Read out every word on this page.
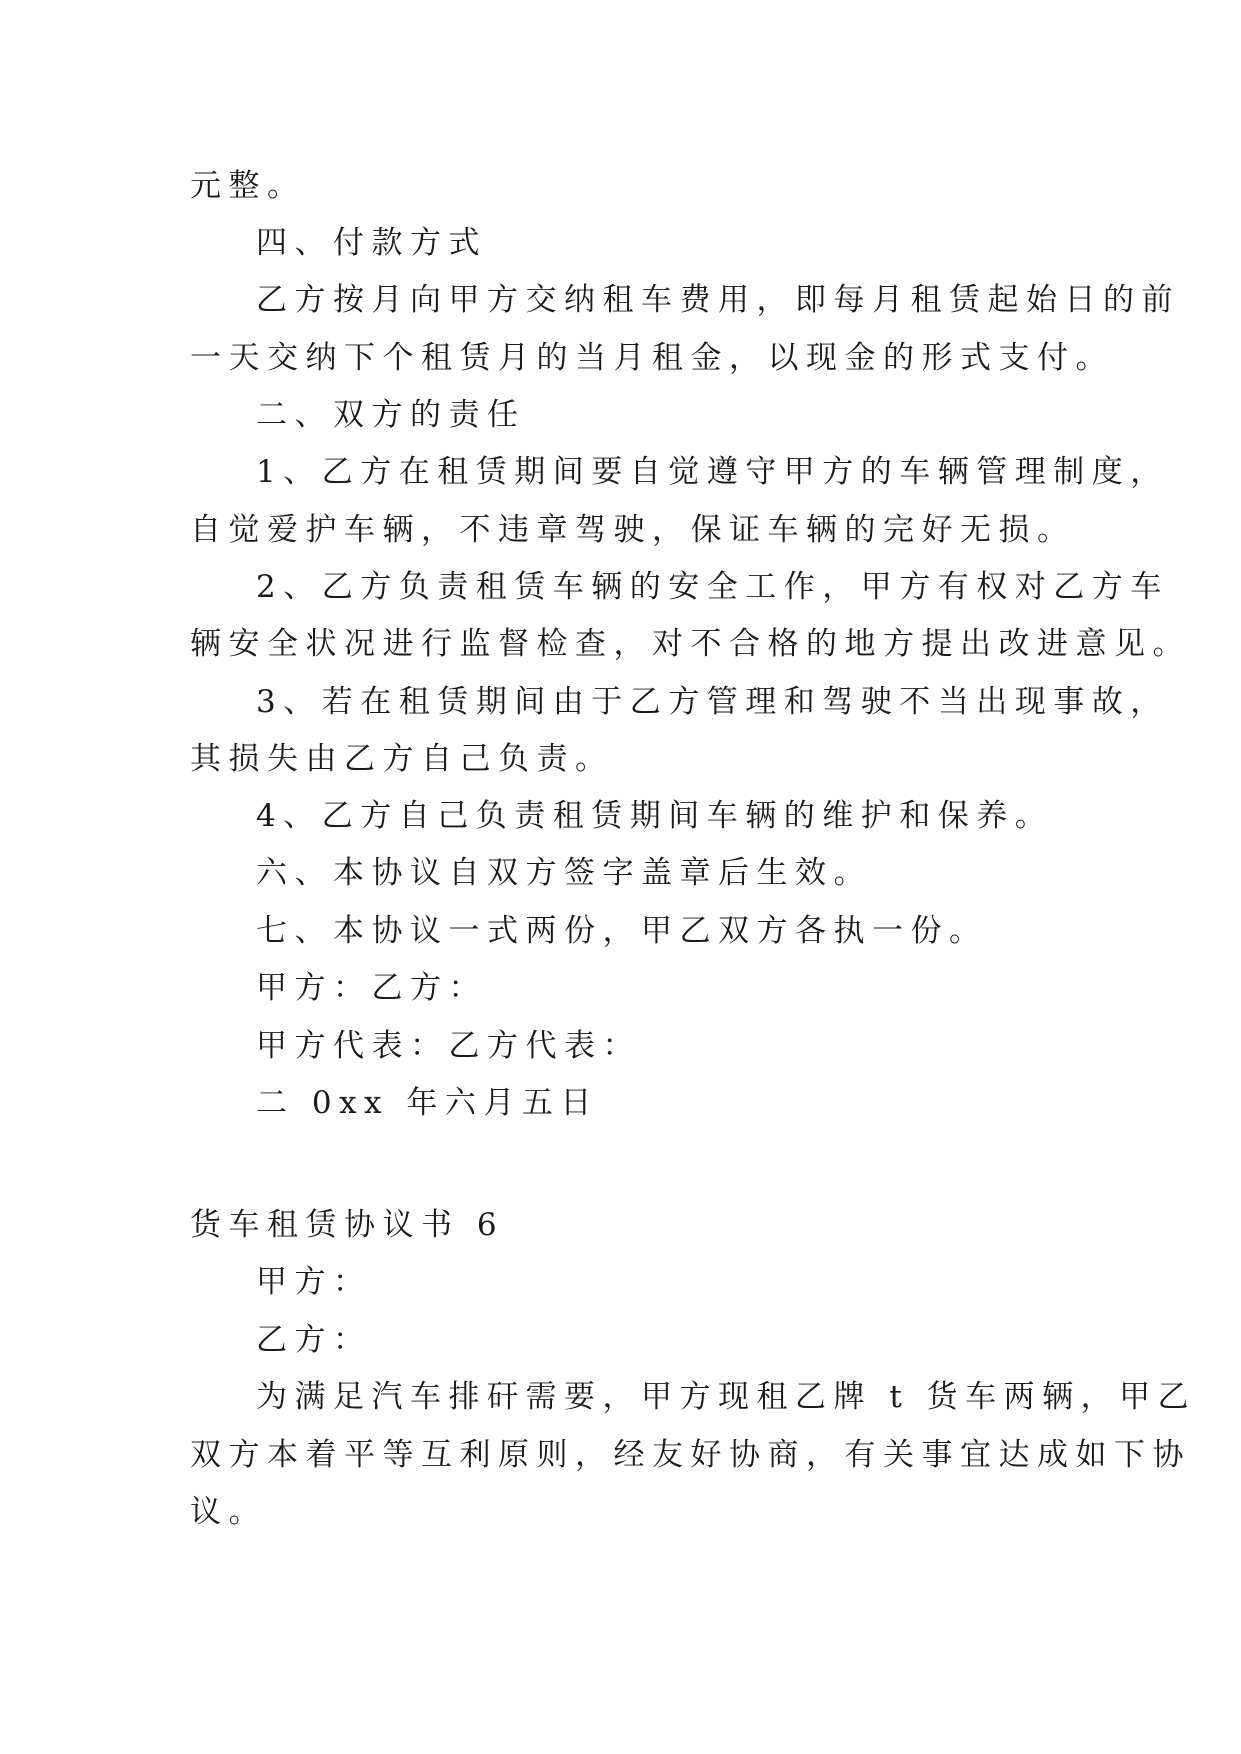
元整。
四、付款方式
乙方按月向甲方交纳租车费用，即每月租赁起始日的前
一天交纳下个租赁月的当月租金，以现金的形式支付。
二、双方的责任
1、乙方在租赁期间要自觉遵守甲方的车辆管理制度，
自觉爱护车辆，不违章驾驶，保证车辆的完好无损。
2、乙方负责租赁车辆的安全工作，甲方有权对乙方车
辆安全状况进行监督检查，对不合格的地方提出改进意见。
3、若在租赁期间由于乙方管理和驾驶不当出现事故，
其损失由乙方自己负责。
4、乙方自己负责租赁期间车辆的维护和保养。
六、本协议自双方签字盖章后生效。
七、本协议一式两份，甲乙双方各执一份。
甲方：乙方：
甲方代表：乙方代表：
二 0xx 年六月五日
货车租赁协议书 6
甲方：
乙方：
为满足汽车排矸需要，甲方现租乙牌 t 货车两辆，甲乙
双方本着平等互利原则，经友好协商，有关事宜达成如下协
议。
